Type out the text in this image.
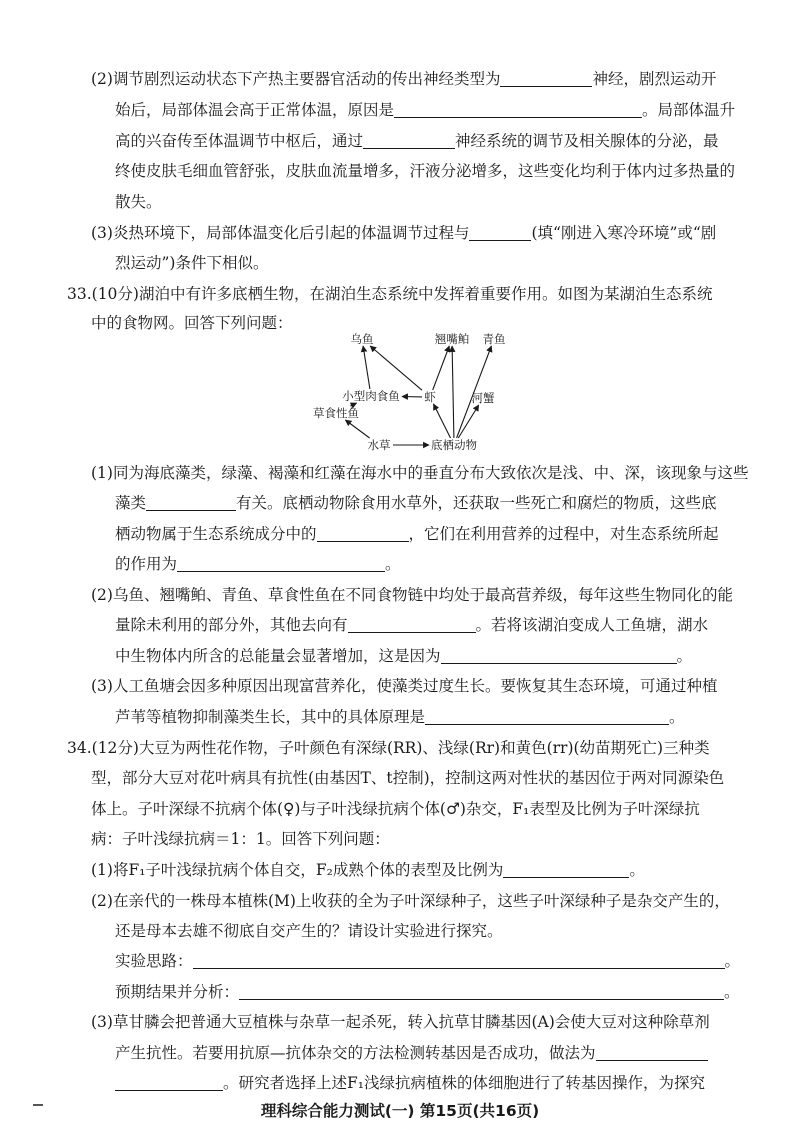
(2)调节剧烈运动状态下产热主要器官活动的传出神经类型为	神经，剧烈运动开
始后，局部体温会高于正常体温，原因是	。局部体温升
高的兴奋传至体温调节中枢后，通过	神经系统的调节及相关腺体的分泌，最
终使皮肤毛细血管舒张，皮肤血流量增多，汗液分泌增多，这些变化均利于体内过多热量的
散失。
(3)炎热环境下，局部体温变化后引起的体温调节过程与	(填“刚进入寒冷环境”或“剧
烈运动”)条件下相似。
33.(10分)湖泊中有许多底栖生物，在湖泊生态系统中发挥着重要作用。如图为某湖泊生态系统
中的食物网。回答下列问题：
乌鱼	翘嘴鲌 青鱼
小型肉食鱼 虾	河蟹
草食性鱼
水草	底栖动物
(1)同为海底藻类，绿藻、褐藻和红藻在海水中的垂直分布大致依次是浅、中、深，该现象与这些
藻类	有关。底栖动物除食用水草外，还获取一些死亡和腐烂的物质，这些底
栖动物属于生态系统成分中的	，它们在利用营养的过程中，对生态系统所起
的作用为	。
(2)乌鱼、翘嘴鲌、青鱼、草食性鱼在不同食物链中均处于最高营养级，每年这些生物同化的能
量除未利用的部分外，其他去向有	。若将该湖泊变成人工鱼塘，湖水
中生物体内所含的总能量会显著增加，这是因为	。
(3)人工鱼塘会因多种原因出现富营养化，使藻类过度生长。要恢复其生态环境，可通过种植
芦苇等植物抑制藻类生长，其中的具体原理是	。
34.(12分)大豆为两性花作物，子叶颜色有深绿(RR)、浅绿(Rr)和黄色(rr)(幼苗期死亡)三种类
型，部分大豆对花叶病具有抗性(由基因T、t控制)，控制这两对性状的基因位于两对同源染色
体上。子叶深绿不抗病个体(♀)与子叶浅绿抗病个体(♂)杂交，F₁表型及比例为子叶深绿抗
病：子叶浅绿抗病＝1：1。回答下列问题：
(1)将F₁子叶浅绿抗病个体自交，F₂成熟个体的表型及比例为	。
(2)在亲代的一株母本植株(M)上收获的全为子叶深绿种子，这些子叶深绿种子是杂交产生的，
还是母本去雄不彻底自交产生的？请设计实验进行探究。
实验思路：	。
预期结果并分析：	。
(3)草甘膦会把普通大豆植株与杂草一起杀死，转入抗草甘膦基因(A)会使大豆对这种除草剂
产生抗性。若要用抗原—抗体杂交的方法检测转基因是否成功，做法为
。研究者选择上述F₁浅绿抗病植株的体细胞进行了转基因操作，为探究
理科综合能力测试(一) 第15页(共16页)
